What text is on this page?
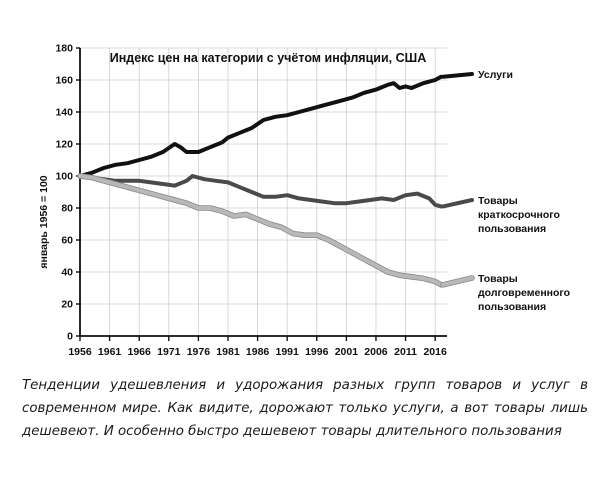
0
20
40
60
80
100
120
140
160
180
1956 1961 1966 1971 1976 1981 1986 1991 1996 2001 2006 2011 2016
Услуги
Товары
краткосрочного
пользования
Товары
долговременного
пользования
Индекс цен на категории с учётом инфляции, США
январь 1956 = 100

Тенденции удешевления и удорожания разных групп товаров и услуг в современном мире. Как видите, дорожают только услуги, а вот товары лишь дешевеют. И особенно быстро дешевеют товары длительного пользования
